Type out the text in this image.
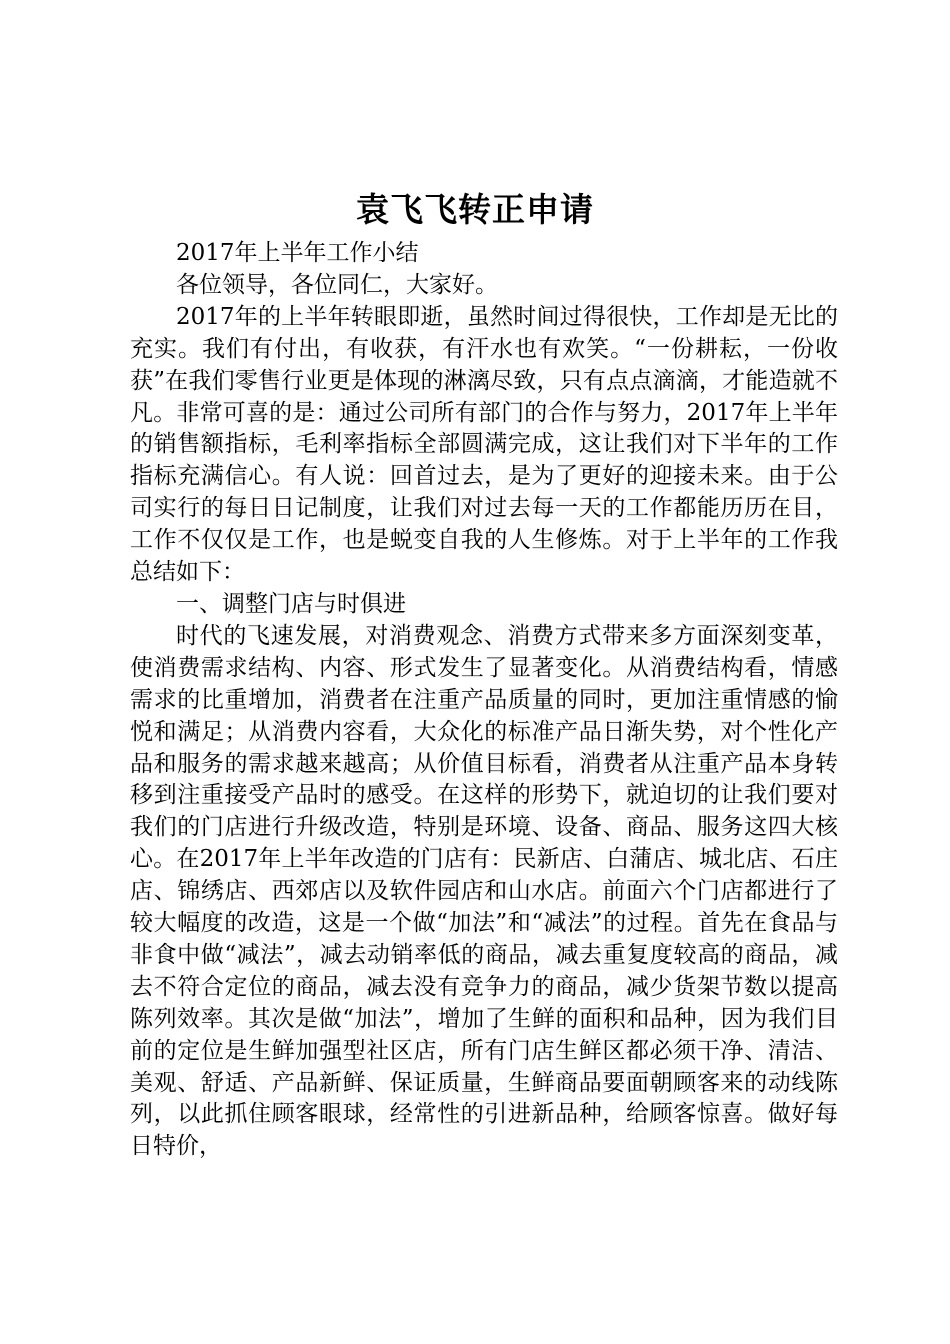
袁飞飞转正申请

2017年上半年工作小结

各位领导，各位同仁，大家好。

2017年的上半年转眼即逝，虽然时间过得很快，工作却是无比的充实。我们有付出，有收获，有汗水也有欢笑。“一份耕耘，一份收获”在我们零售行业更是体现的淋漓尽致，只有点点滴滴，才能造就不凡。非常可喜的是：通过公司所有部门的合作与努力，2017年上半年的销售额指标，毛利率指标全部圆满完成，这让我们对下半年的工作指标充满信心。有人说：回首过去，是为了更好的迎接未来。由于公司实行的每日日记制度，让我们对过去每一天的工作都能历历在目，工作不仅仅是工作，也是蜕变自我的人生修炼。对于上半年的工作我总结如下：

一、调整门店与时俱进

时代的飞速发展，对消费观念、消费方式带来多方面深刻变革，使消费需求结构、内容、形式发生了显著变化。从消费结构看，情感需求的比重增加，消费者在注重产品质量的同时，更加注重情感的愉悦和满足；从消费内容看，大众化的标准产品日渐失势，对个性化产品和服务的需求越来越高；从价值目标看，消费者从注重产品本身转移到注重接受产品时的感受。在这样的形势下，就迫切的让我们要对我们的门店进行升级改造，特别是环境、设备、商品、服务这四大核心。在2017年上半年改造的门店有：民新店、白蒲店、城北店、石庄店、锦绣店、西郊店以及软件园店和山水店。前面六个门店都进行了较大幅度的改造，这是一个做“加法”和“减法”的过程。首先在食品与非食中做“减法”，减去动销率低的商品，减去重复度较高的商品，减去不符合定位的商品，减去没有竞争力的商品，减少货架节数以提高陈列效率。其次是做“加法”，增加了生鲜的面积和品种，因为我们目前的定位是生鲜加强型社区店，所有门店生鲜区都必须干净、清洁、美观、舒适、产品新鲜、保证质量，生鲜商品要面朝顾客来的动线陈列，以此抓住顾客眼球，经常性的引进新品种，给顾客惊喜。做好每日特价，
